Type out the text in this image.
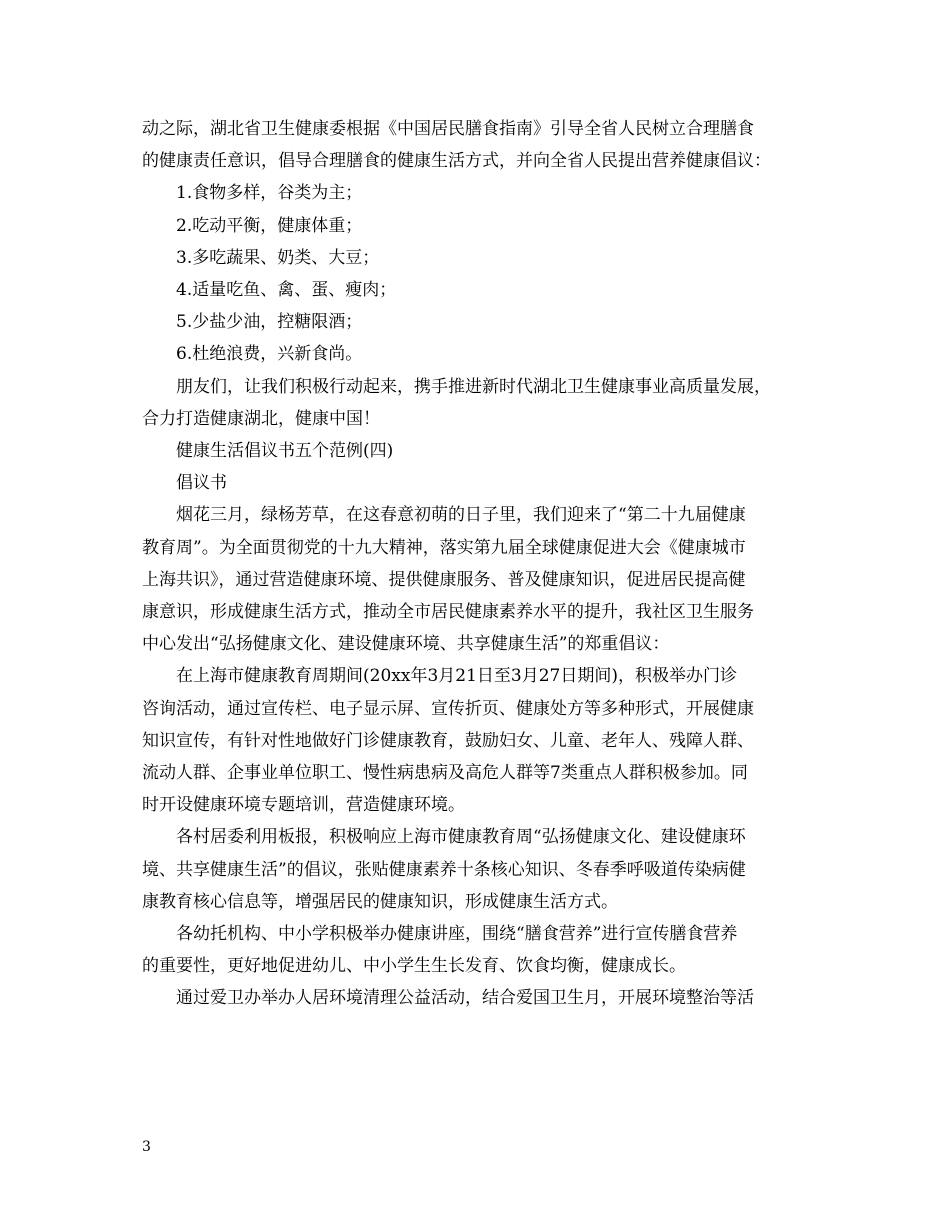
动之际，湖北省卫生健康委根据《中国居民膳食指南》引导全省人民树立合理膳食
的健康责任意识，倡导合理膳食的健康生活方式，并向全省人民提出营养健康倡议：

1.食物多样，谷类为主；

2.吃动平衡，健康体重；

3.多吃蔬果、奶类、大豆；

4.适量吃鱼、禽、蛋、瘦肉；

5.少盐少油，控糖限酒；

6.杜绝浪费，兴新食尚。

朋友们，让我们积极行动起来，携手推进新时代湖北卫生健康事业高质量发展，
合力打造健康湖北，健康中国！

健康生活倡议书五个范例(四)

倡议书

烟花三月，绿杨芳草，在这春意初萌的日子里，我们迎来了“第二十九届健康
教育周”。为全面贯彻党的十九大精神，落实第九届全球健康促进大会《健康城市
上海共识》，通过营造健康环境、提供健康服务、普及健康知识，促进居民提高健
康意识，形成健康生活方式，推动全市居民健康素养水平的提升，我社区卫生服务
中心发出“弘扬健康文化、建设健康环境、共享健康生活”的郑重倡议：

在上海市健康教育周期间(20xx年3月21日至3月27日期间)，积极举办门诊
咨询活动，通过宣传栏、电子显示屏、宣传折页、健康处方等多种形式，开展健康
知识宣传，有针对性地做好门诊健康教育，鼓励妇女、儿童、老年人、残障人群、
流动人群、企事业单位职工、慢性病患病及高危人群等7类重点人群积极参加。同
时开设健康环境专题培训，营造健康环境。

各村居委利用板报，积极响应上海市健康教育周“弘扬健康文化、建设健康环
境、共享健康生活”的倡议，张贴健康素养十条核心知识、冬春季呼吸道传染病健
康教育核心信息等，增强居民的健康知识，形成健康生活方式。

各幼托机构、中小学积极举办健康讲座，围绕“膳食营养”进行宣传膳食营养
的重要性，更好地促进幼儿、中小学生生长发育、饮食均衡，健康成长。

通过爱卫办举办人居环境清理公益活动，结合爱国卫生月，开展环境整治等活

3
